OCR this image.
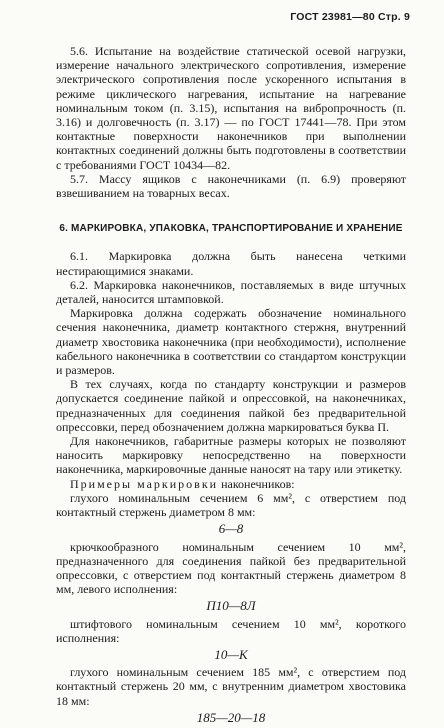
ГОСТ 23981—80 Стр. 9

5.6. Испытание на воздействие статической осевой нагрузки, измерение начального электрического сопротивления, измерение электрического сопротивления после ускоренного испытания в режиме циклического нагревания, испытание на нагревание номинальным током (п. 3.15), испытания на вибропрочность (п. 3.16) и долговечность (п. 3.17) — по ГОСТ 17441—78. При этом контактные поверхности наконечников при выполнении контактных соединений должны быть подготовлены в соответствии с требованиями ГОСТ 10434—82.

5.7. Массу ящиков с наконечниками (п. 6.9) проверяют взвешиванием на товарных весах.

6. МАРКИРОВКА, УПАКОВКА, ТРАНСПОРТИРОВАНИЕ И ХРАНЕНИЕ

6.1. Маркировка должна быть нанесена четкими нестирающимися знаками.

6.2. Маркировка наконечников, поставляемых в виде штучных деталей, наносится штамповкой.

Маркировка должна содержать обозначение номинального сечения наконечника, диаметр контактного стержня, внутренний диаметр хвостовика наконечника (при необходимости), исполнение кабельного наконечника в соответствии со стандартом конструкции и размеров.

В тех случаях, когда по стандарту конструкции и размеров допускается соединение пайкой и опрессовкой, на наконечниках, предназначенных для соединения пайкой без предварительной опрессовки, перед обозначением должна маркироваться буква П.

Для наконечников, габаритные размеры которых не позволяют наносить маркировку непосредственно на поверхности наконечника, маркировочные данные наносят на тару или этикетку.

Примеры маркировки наконечников:

глухого номинальным сечением 6 мм², с отверстием под контактный стержень диаметром 8 мм:

6—8

крючкообразного номинальным сечением 10 мм², предназначенного для соединения пайкой без предварительной опрессовки, с отверстием под контактный стержень диаметром 8 мм, левого исполнения:

П10—8Л

штифтового номинальным сечением 10 мм², короткого исполнения:

10—К

глухого номинальным сечением 185 мм², с отверстием под контактный стержень 20 мм, с внутренним диаметром хвостовика 18 мм:

185—20—18
